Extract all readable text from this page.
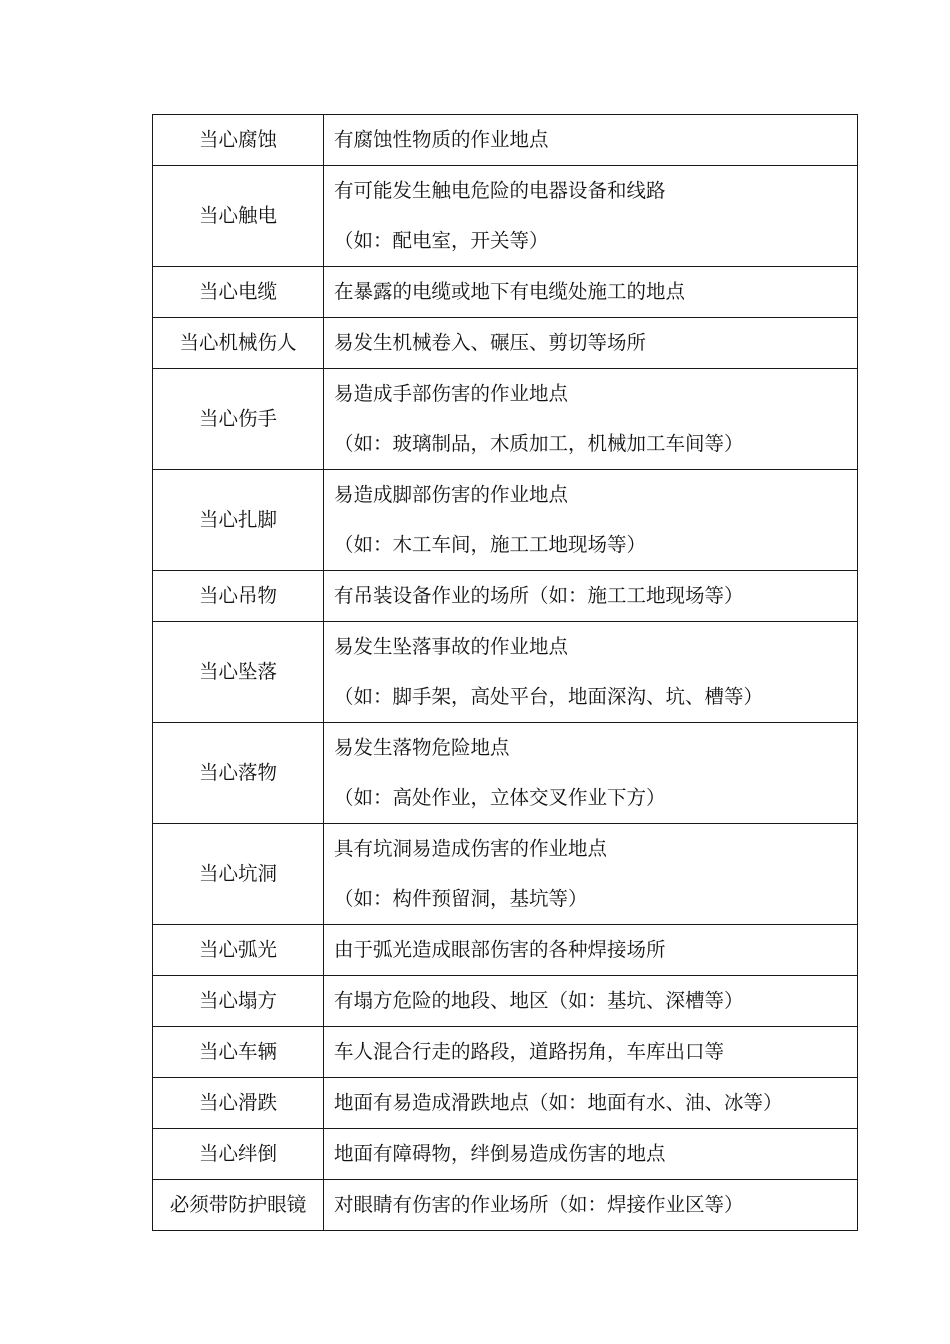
当心腐蚀	有腐蚀性物质的作业地点

当心触电	有可能发生触电危险的电器设备和线路
（如：配电室，开关等）

当心电缆	在暴露的电缆或地下有电缆处施工的地点

当心机械伤人	易发生机械卷入、碾压、剪切等场所

当心伤手	易造成手部伤害的作业地点
（如：玻璃制品，木质加工，机械加工车间等）

当心扎脚	易造成脚部伤害的作业地点
（如：木工车间，施工工地现场等）

当心吊物	有吊装设备作业的场所（如：施工工地现场等）

当心坠落	易发生坠落事故的作业地点
（如：脚手架，高处平台，地面深沟、坑、槽等）

当心落物	易发生落物危险地点
（如：高处作业，立体交叉作业下方）

当心坑洞	具有坑洞易造成伤害的作业地点
（如：构件预留洞，基坑等）

当心弧光	由于弧光造成眼部伤害的各种焊接场所

当心塌方	有塌方危险的地段、地区（如：基坑、深槽等）

当心车辆	车人混合行走的路段，道路拐角，车库出口等

当心滑跌	地面有易造成滑跌地点（如：地面有水、油、冰等）

当心绊倒	地面有障碍物，绊倒易造成伤害的地点

必须带防护眼镜	对眼睛有伤害的作业场所（如：焊接作业区等）
